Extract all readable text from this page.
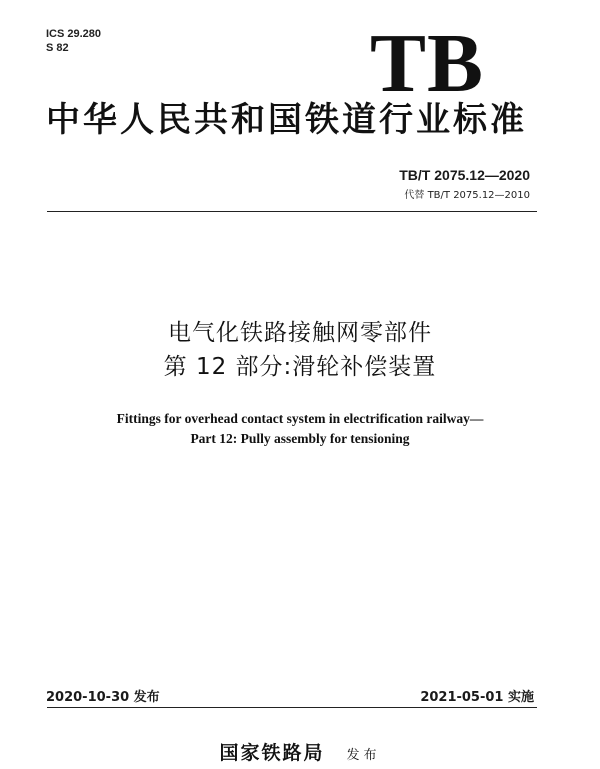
ICS 29.280
S 82	TB
中华人民共和国铁道行业标准
TB/T 2075.12—2020
代替 TB/T 2075.12—2010
电气化铁路接触网零部件
第 12 部分:滑轮补偿装置
Fittings for overhead contact system in electrification railway—
Part 12: Pully assembly for tensioning
2020-10-30 发布	2021-05-01 实施
国家铁路局 发布
